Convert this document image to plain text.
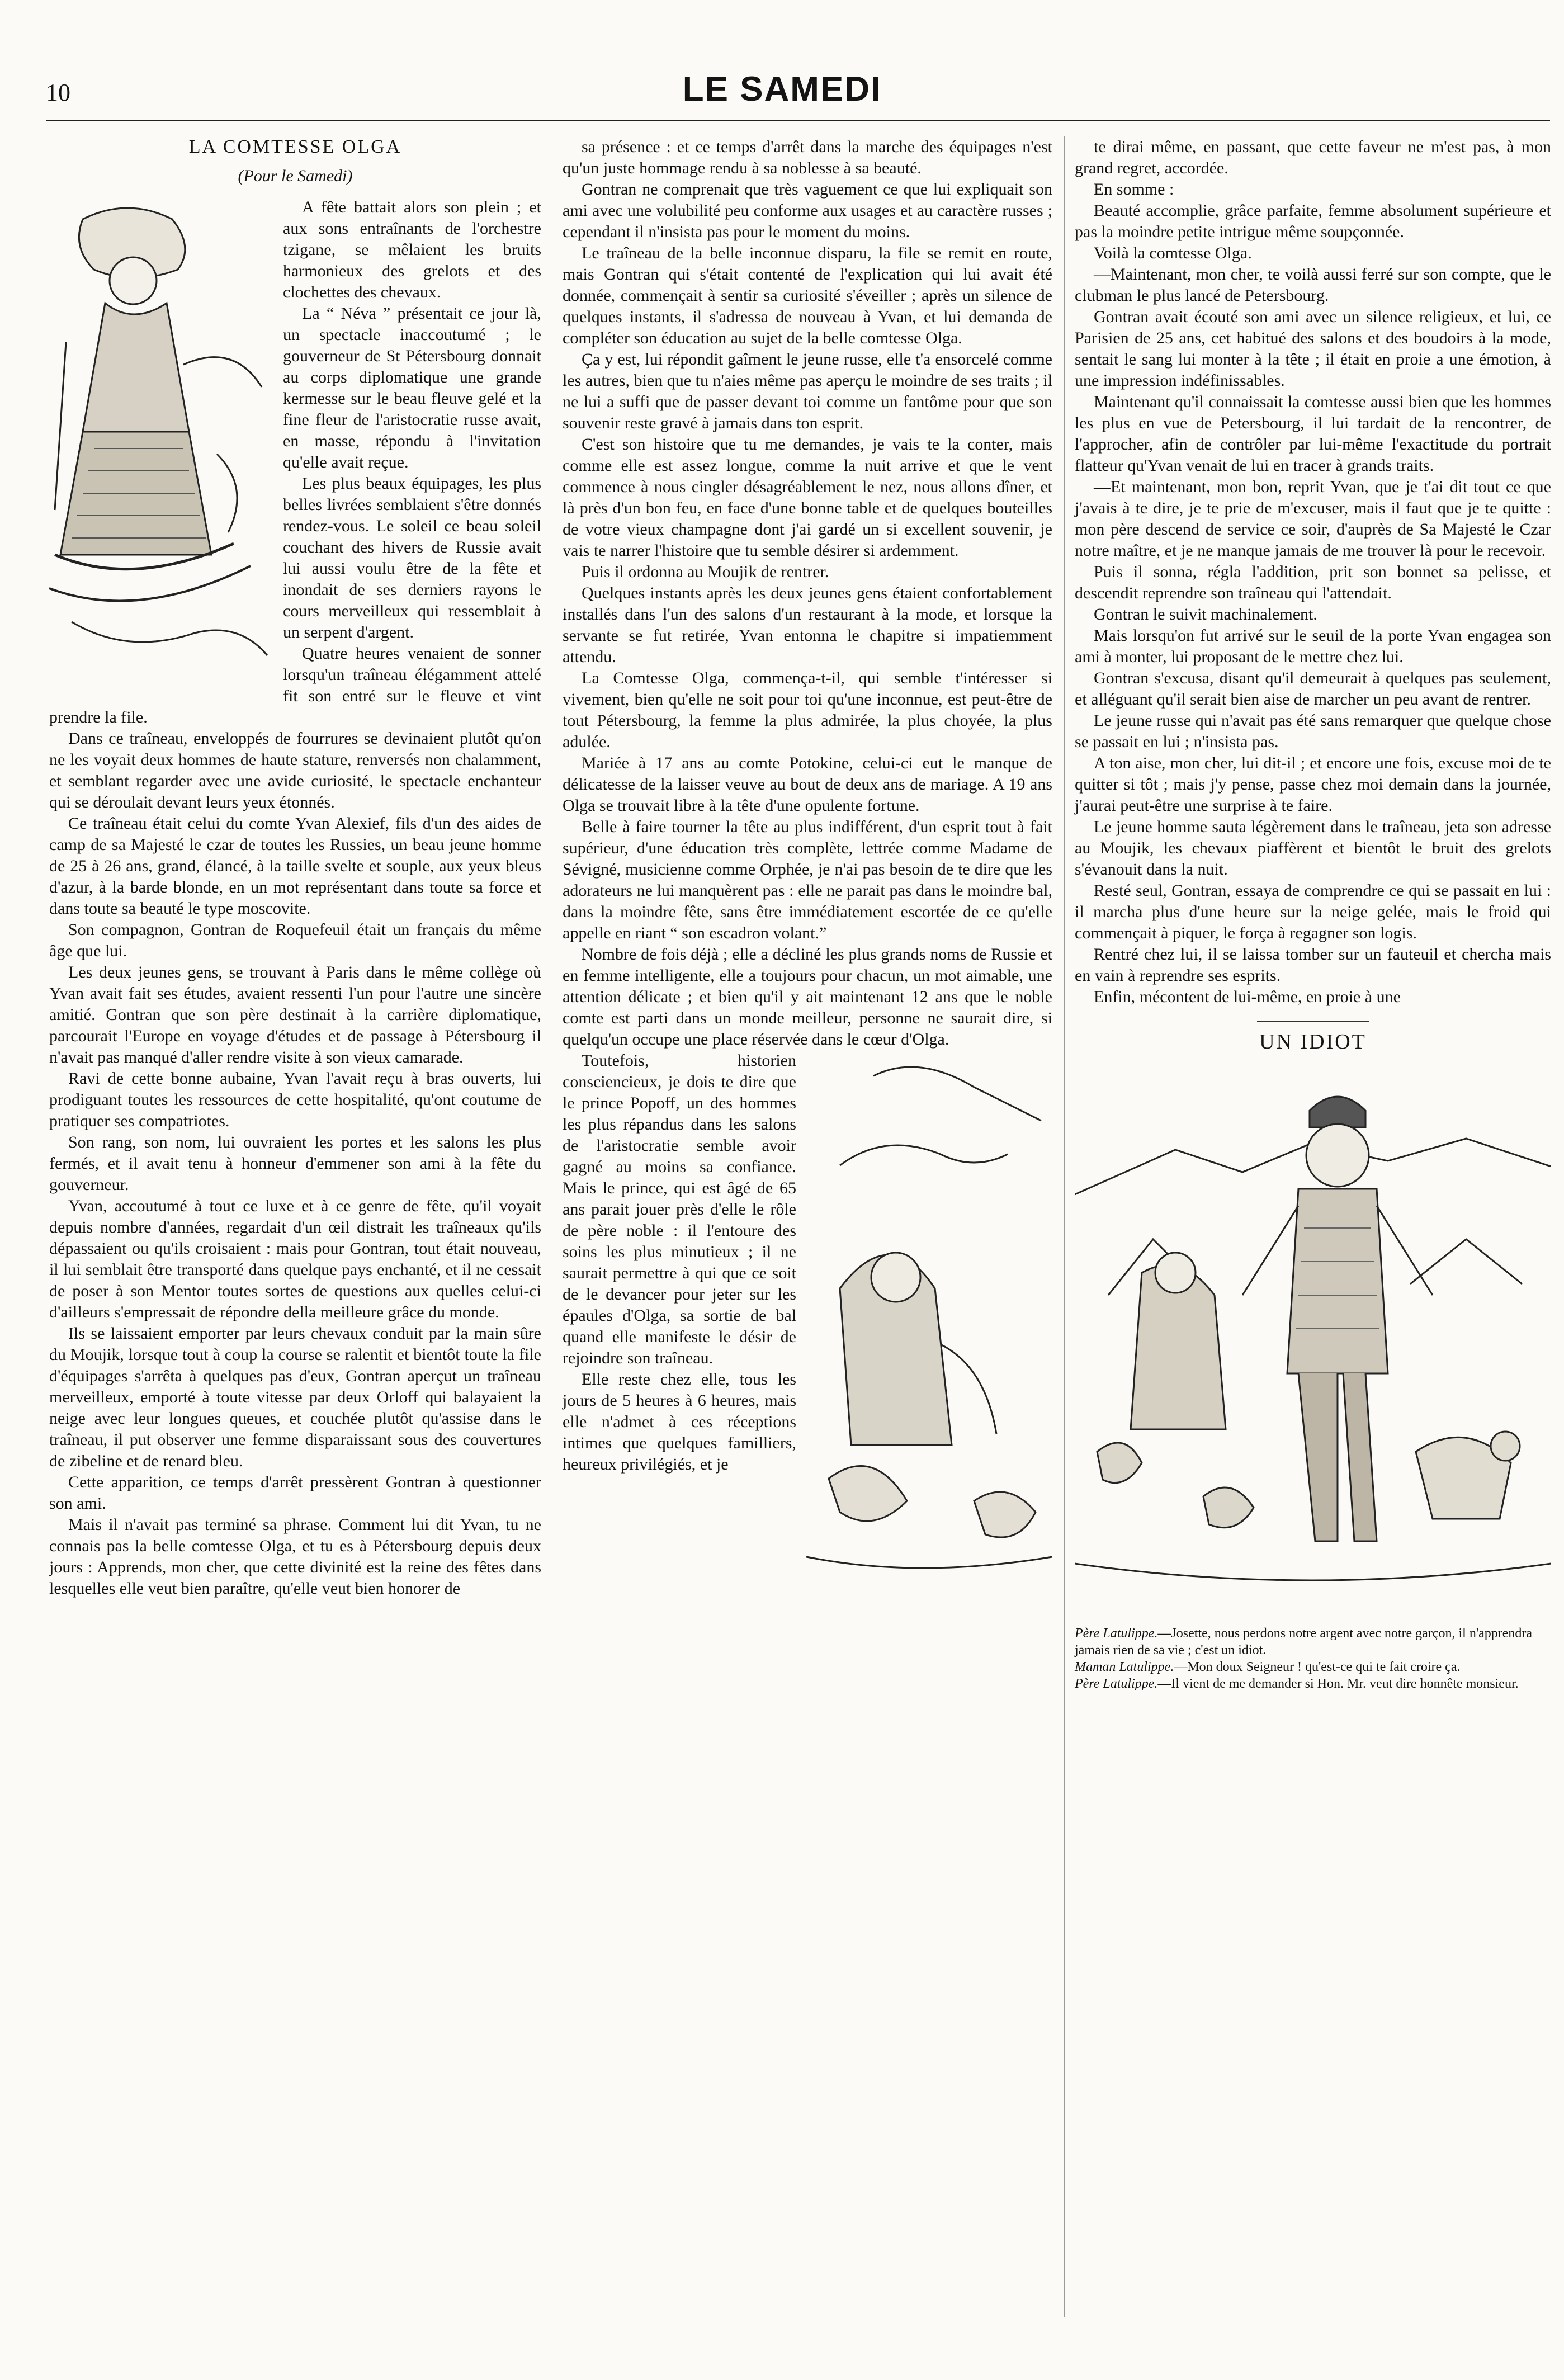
10	LE SAMEDI

LA COMTESSE OLGA

(Pour le Samedi)

A fête battait alors son plein ; et aux sons entraînants de l'orchestre tzigane, se mêlaient les bruits harmonieux des grelots et des clochettes des chevaux.

La “ Néva ” présentait ce jour là, un spectacle inaccoutumé ; le gouverneur de St Pétersbourg donnait au corps diplomatique une grande kermesse sur le beau fleuve gelé et la fine fleur de l'aristocratie russe avait, en masse, répondu à l'invitation qu'elle avait reçue.

Les plus beaux équipages, les plus belles livrées semblaient s'être donnés rendez-vous. Le soleil ce beau soleil couchant des hivers de Russie avait lui aussi voulu être de la fête et inondait de ses derniers rayons le cours merveilleux qui ressemblait à un serpent d'argent.

Quatre heures venaient de sonner lorsqu'un traîneau élégamment attelé fit son entré sur le fleuve et vint prendre la file.

Dans ce traîneau, enveloppés de fourrures se devinaient plutôt qu'on ne les voyait deux hommes de haute stature, renversés non chalamment, et semblant regarder avec une avide curiosité, le spectacle enchanteur qui se déroulait devant leurs yeux étonnés.

Ce traîneau était celui du comte Yvan Alexief, fils d'un des aides de camp de sa Majesté le czar de toutes les Russies, un beau jeune homme de 25 à 26 ans, grand, élancé, à la taille svelte et souple, aux yeux bleus d'azur, à la barde blonde, en un mot représentant dans toute sa force et dans toute sa beauté le type moscovite.

Son compagnon, Gontran de Roquefeuil était un français du même âge que lui.

Les deux jeunes gens, se trouvant à Paris dans le même collège où Yvan avait fait ses études, avaient ressenti l'un pour l'autre une sincère amitié. Gontran que son père destinait à la carrière diplomatique, parcourait l'Europe en voyage d'études et de passage à Pétersbourg il n'avait pas manqué d'aller rendre visite à son vieux camarade.

Ravi de cette bonne aubaine, Yvan l'avait reçu à bras ouverts, lui prodiguant toutes les ressources de cette hospitalité, qu'ont coutume de pratiquer ses compatriotes.

Son rang, son nom, lui ouvraient les portes et les salons les plus fermés, et il avait tenu à honneur d'emmener son ami à la fête du gouverneur.

Yvan, accoutumé à tout ce luxe et à ce genre de fête, qu'il voyait depuis nombre d'années, regardait d'un œil distrait les traîneaux qu'ils dépassaient ou qu'ils croisaient : mais pour Gontran, tout était nouveau, il lui semblait être transporté dans quelque pays enchanté, et il ne cessait de poser à son Mentor toutes sortes de questions aux quelles celui-ci d'ailleurs s'empressait de répondre della meilleure grâce du monde.

Ils se laissaient emporter par leurs chevaux conduit par la main sûre du Moujik, lorsque tout à coup la course se ralentit et bientôt toute la file d'équipages s'arrêta à quelques pas d'eux, Gontran aperçut un traîneau merveilleux, emporté à toute vitesse par deux Orloff qui balayaient la neige avec leur longues queues, et couchée plutôt qu'assise dans le traîneau, il put observer une femme disparaissant sous des couvertures de zibeline et de renard bleu.

Cette apparition, ce temps d'arrêt pressèrent Gontran à questionner son ami.

Mais il n'avait pas terminé sa phrase. Comment lui dit Yvan, tu ne connais pas la belle comtesse Olga, et tu es à Pétersbourg depuis deux jours : Apprends, mon cher, que cette divinité est la reine des fêtes dans lesquelles elle veut bien paraître, qu'elle veut bien honorer de

sa présence : et ce temps d'arrêt dans la marche des équipages n'est qu'un juste hommage rendu à sa noblesse à sa beauté.

Gontran ne comprenait que très vaguement ce que lui expliquait son ami avec une volubilité peu conforme aux usages et au caractère russes ; cependant il n'insista pas pour le moment du moins.

Le traîneau de la belle inconnue disparu, la file se remit en route, mais Gontran qui s'était contenté de l'explication qui lui avait été donnée, commençait à sentir sa curiosité s'éveiller ; après un silence de quelques instants, il s'adressa de nouveau à Yvan, et lui demanda de compléter son éducation au sujet de la belle comtesse Olga.

Ça y est, lui répondit gaîment le jeune russe, elle t'a ensorcelé comme les autres, bien que tu n'aies même pas aperçu le moindre de ses traits ; il ne lui a suffi que de passer devant toi comme un fantôme pour que son souvenir reste gravé à jamais dans ton esprit.

C'est son histoire que tu me demandes, je vais te la conter, mais comme elle est assez longue, comme la nuit arrive et que le vent commence à nous cingler désagréablement le nez, nous allons dîner, et là près d'un bon feu, en face d'une bonne table et de quelques bouteilles de votre vieux champagne dont j'ai gardé un si excellent souvenir, je vais te narrer l'histoire que tu semble désirer si ardemment.

Puis il ordonna au Moujik de rentrer.

Quelques instants après les deux jeunes gens étaient confortablement installés dans l'un des salons d'un restaurant à la mode, et lorsque la servante se fut retirée, Yvan entonna le chapitre si impatiemment attendu.

La Comtesse Olga, commença-t-il, qui semble t'intéresser si vivement, bien qu'elle ne soit pour toi qu'une inconnue, est peut-être de tout Pétersbourg, la femme la plus admirée, la plus choyée, la plus adulée.

Mariée à 17 ans au comte Potokine, celui-ci eut le manque de délicatesse de la laisser veuve au bout de deux ans de mariage. A 19 ans Olga se trouvait libre à la tête d'une opulente fortune.

Belle à faire tourner la tête au plus indifférent, d'un esprit tout à fait supérieur, d'une éducation très complète, lettrée comme Madame de Sévigné, musicienne comme Orphée, je n'ai pas besoin de te dire que les adorateurs ne lui manquèrent pas : elle ne parait pas dans le moindre bal, dans la moindre fête, sans être immédiatement escortée de ce qu'elle appelle en riant “ son escadron volant.”

Nombre de fois déjà ; elle a décliné les plus grands noms de Russie et en femme intelligente, elle a toujours pour chacun, un mot aimable, une attention délicate ; et bien qu'il y ait maintenant 12 ans que le noble comte est parti dans un monde meilleur, personne ne saurait dire, si quelqu'un occupe une place réservée dans le cœur d'Olga.

Toutefois, historien consciencieux, je dois te dire que le prince Popoff, un des hommes les plus répandus dans les salons de l'aristocratie semble avoir gagné au moins sa confiance. Mais le prince, qui est âgé de 65 ans parait jouer près d'elle le rôle de père noble : il l'entoure des soins les plus minutieux ; il ne saurait permettre à qui que ce soit de le devancer pour jeter sur les épaules d'Olga, sa sortie de bal quand elle manifeste le désir de rejoindre son traîneau.

Elle reste chez elle, tous les jours de 5 heures à 6 heures, mais elle n'admet à ces réceptions intimes que quelques familliers, heureux privilégiés, et je

te dirai même, en passant, que cette faveur ne m'est pas, à mon grand regret, accordée.

En somme :

Beauté accomplie, grâce parfaite, femme absolument supérieure et pas la moindre petite intrigue même soupçonnée.

Voilà la comtesse Olga.

—Maintenant, mon cher, te voilà aussi ferré sur son compte, que le clubman le plus lancé de Petersbourg.

Gontran avait écouté son ami avec un silence religieux, et lui, ce Parisien de 25 ans, cet habitué des salons et des boudoirs à la mode, sentait le sang lui monter à la tête ; il était en proie a une émotion, à une impression indéfinissables.

Maintenant qu'il connaissait la comtesse aussi bien que les hommes les plus en vue de Petersbourg, il lui tardait de la rencontrer, de l'approcher, afin de contrôler par lui-même l'exactitude du portrait flatteur qu'Yvan venait de lui en tracer à grands traits.

—Et maintenant, mon bon, reprit Yvan, que je t'ai dit tout ce que j'avais à te dire, je te prie de m'excuser, mais il faut que je te quitte : mon père descend de service ce soir, d'auprès de Sa Majesté le Czar notre maître, et je ne manque jamais de me trouver là pour le recevoir.

Puis il sonna, régla l'addition, prit son bonnet sa pelisse, et descendit reprendre son traîneau qui l'attendait.

Gontran le suivit machinalement.

Mais lorsqu'on fut arrivé sur le seuil de la porte Yvan engagea son ami à monter, lui proposant de le mettre chez lui.

Gontran s'excusa, disant qu'il demeurait à quelques pas seulement, et alléguant qu'il serait bien aise de marcher un peu avant de rentrer.

Le jeune russe qui n'avait pas été sans remarquer que quelque chose se passait en lui ; n'insista pas.

A ton aise, mon cher, lui dit-il ; et encore une fois, excuse moi de te quitter si tôt ; mais j'y pense, passe chez moi demain dans la journée, j'aurai peut-être une surprise à te faire.

Le jeune homme sauta légèrement dans le traîneau, jeta son adresse au Moujik, les chevaux piaffèrent et bientôt le bruit des grelots s'évanouit dans la nuit.

Resté seul, Gontran, essaya de comprendre ce qui se passait en lui : il marcha plus d'une heure sur la neige gelée, mais le froid qui commençait à piquer, le força à regagner son logis.

Rentré chez lui, il se laissa tomber sur un fauteuil et chercha mais en vain à reprendre ses esprits.

Enfin, mécontent de lui-même, en proie à une

UN IDIOT

Père Latulippe.—Josette, nous perdons notre argent avec notre garçon, il n'apprendra jamais rien de sa vie ; c'est un idiot.

Maman Latulippe.—Mon doux Seigneur ! qu'est-ce qui te fait croire ça.

Père Latulippe.—Il vient de me demander si Hon. Mr. veut dire honnête monsieur.
